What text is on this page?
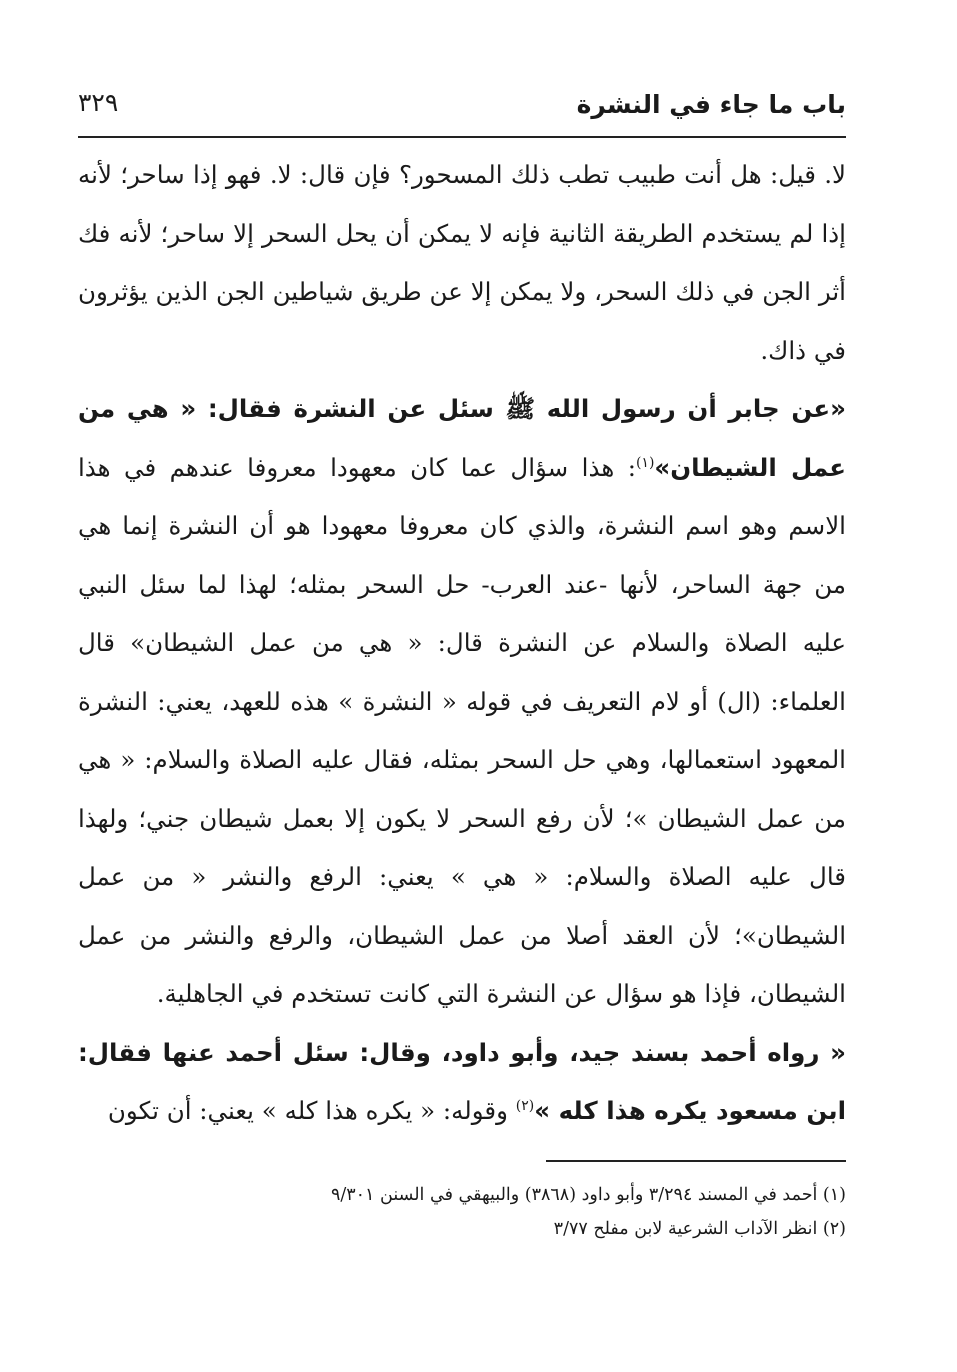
باب ما جاء في النشرة
٣٢٩

لا. قيل: هل أنت طبيب تطب ذلك المسحور؟ فإن قال: لا. فهو إذا ساحر؛ لأنه إذا لم يستخدم الطريقة الثانية فإنه لا يمكن أن يحل السحر إلا ساحر؛ لأنه فك أثر الجن في ذلك السحر، ولا يمكن إلا عن طريق شياطين الجن الذين يؤثرون في ذاك.

«عن جابر أن رسول الله ﷺ سئل عن النشرة فقال: « هي من عمل الشيطان»$^{(١)}$: هذا سؤال عما كان معهودا معروفا عندهم في هذا الاسم وهو اسم النشرة، والذي كان معروفا معهودا هو أن النشرة إنما هي من جهة الساحر، لأنها -عند العرب- حل السحر بمثله؛ لهذا لما سئل النبي عليه الصلاة والسلام عن النشرة قال: « هي من عمل الشيطان» قال العلماء: (ال) أو لام التعريف في قوله « النشرة » هذه للعهد، يعني: النشرة المعهود استعمالها، وهي حل السحر بمثله، فقال عليه الصلاة والسلام: « هي من عمل الشيطان »؛ لأن رفع السحر لا يكون إلا بعمل شيطان جني؛ ولهذا قال عليه الصلاة والسلام: « هي » يعني: الرفع والنشر « من عمل الشيطان»؛ لأن العقد أصلا من عمل الشيطان، والرفع والنشر من عمل الشيطان، فإذا هو سؤال عن النشرة التي كانت تستخدم في الجاهلية.

« رواه أحمد بسند جيد، وأبو داود، وقال: سئل أحمد عنها فقال: ابن مسعود يكره هذا كله »$^{(٢)}$ وقوله: « يكره هذا كله » يعني: أن تكون

(١) أحمد في المسند ٣/٢٩٤ وأبو داود (٣٨٦٨) والبيهقي في السنن ٩/٣٠١
(٢) انظر الآداب الشرعية لابن مفلح ٣/٧٧
